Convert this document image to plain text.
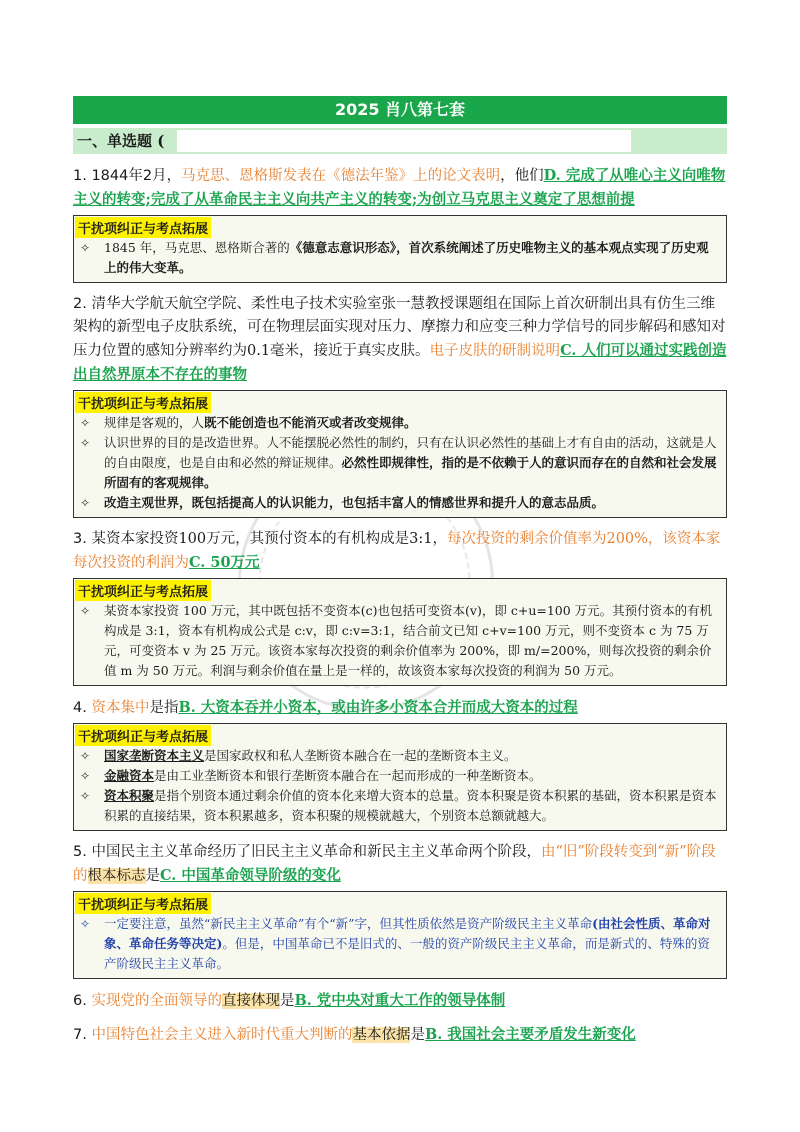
2025 肖八第七套
一、单选题 (
1. 1844年2月，马克思、恩格斯发表在《德法年鉴》上的论文表明，他们D. 完成了从唯心主义向唯物主义的转变;完成了从革命民主主义向共产主义的转变;为创立马克思主义奠定了思想前提
干扰项纠正与考点拓展
✧ 1845 年，马克思、恩格斯合著的《德意志意识形态》，首次系统阐述了历史唯物主义的基本观点实现了历史观上的伟大变革。
2. 清华大学航天航空学院、柔性电子技术实验室张一慧教授课题组在国际上首次研制出具有仿生三维架构的新型电子皮肤系统，可在物理层面实现对压力、摩擦力和应变三种力学信号的同步解码和感知对压力位置的感知分辨率约为0.1毫米，接近于真实皮肤。电子皮肤的研制说明C. 人们可以通过实践创造出自然界原本不存在的事物
干扰项纠正与考点拓展
✧ 规律是客观的，人既不能创造也不能消灭或者改变规律。
✧ 认识世界的目的是改造世界。人不能摆脱必然性的制约，只有在认识必然性的基础上才有自由的活动，这就是人的自由限度，也是自由和必然的辩证规律。必然性即规律性，指的是不依赖于人的意识而存在的自然和社会发展所固有的客观规律。
✧ 改造主观世界，既包括提高人的认识能力，也包括丰富人的情感世界和提升人的意志品质。
3. 某资本家投资100万元，其预付资本的有机构成是3:1，每次投资的剩余价值率为200%，该资本家每次投资的利润为C. 50万元
干扰项纠正与考点拓展
✧ 某资本家投资 100 万元，其中既包括不变资本(c)也包括可变资本(v)，即 c+u=100 万元。其预付资本的有机构成是 3:1，资本有机构成公式是 c:v，即 c:v=3:1，结合前文已知 c+v=100 万元，则不变资本 c 为 75 万元，可变资本 v 为 25 万元。该资本家每次投资的剩余价值率为 200%，即 m/=200%，则每次投资的剩余价值 m 为 50 万元。利润与剩余价值在量上是一样的，故该资本家每次投资的利润为 50 万元。
4. 资本集中是指B. 大资本吞并小资本，或由许多小资本合并而成大资本的过程
干扰项纠正与考点拓展
✧ 国家垄断资本主义是国家政权和私人垄断资本融合在一起的垄断资本主义。
✧ 金融资本是由工业垄断资本和银行垄断资本融合在一起而形成的一种垄断资本。
✧ 资本积聚是指个别资本通过剩余价值的资本化来增大资本的总量。资本积聚是资本积累的基础，资本积累是资本积累的直接结果，资本积累越多，资本积聚的规模就越大，个别资本总额就越大。
5. 中国民主主义革命经历了旧民主主义革命和新民主主义革命两个阶段，由“旧”阶段转变到“新”阶段的根本标志是C. 中国革命领导阶级的变化
干扰项纠正与考点拓展
✧ 一定要注意，虽然“新民主主义革命”有个“新”字，但其性质依然是资产阶级民主主义革命(由社会性质、革命对象、革命任务等决定)。但是，中国革命已不是旧式的、一般的资产阶级民主主义革命，而是新式的、特殊的资产阶级民主主义革命。
6. 实现党的全面领导的直接体现是B. 党中央对重大工作的领导体制
7. 中国特色社会主义进入新时代重大判断的基本依据是B. 我国社会主要矛盾发生新变化
